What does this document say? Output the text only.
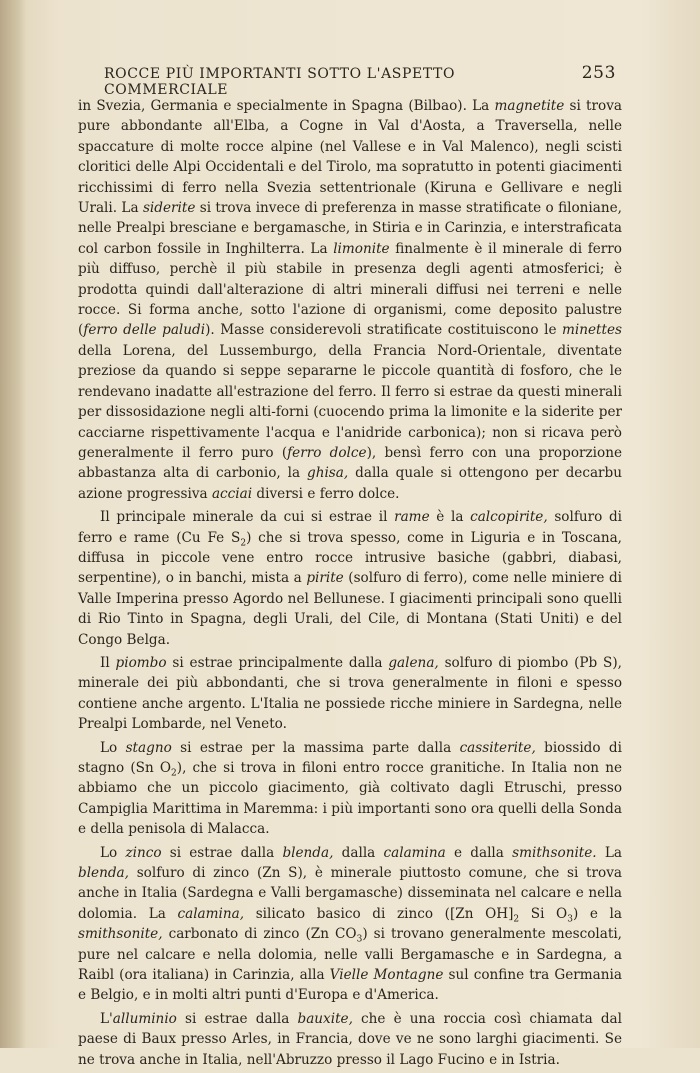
ROCCE PIÙ IMPORTANTI SOTTO L'ASPETTO COMMERCIALE
253

in Svezia, Germania e specialmente in Spagna (Bilbao). La magnetite si trova pure abbondante all'Elba, a Cogne in Val d'Aosta, a Traversella, nelle spaccature di molte rocce alpine (nel Vallese e in Val Malenco), negli scisti cloritici delle Alpi Occidentali e del Tirolo, ma sopratutto in potenti giacimenti ricchissimi di ferro nella Svezia settentrionale (Kiruna e Gellivare e negli Urali. La siderite si trova invece di preferenza in masse stratificate o filoniane, nelle Prealpi bresciane e bergamasche, in Stiria e in Carinzia, e interstraficata col carbon fossile in Inghilterra. La limonite finalmente è il minerale di ferro più diffuso, perchè il più stabile in presenza degli agenti atmosferici; è prodotta quindi dall'alterazione di altri minerali diffusi nei terreni e nelle rocce. Si forma anche, sotto l'azione di organismi, come deposito palustre (ferro delle paludi). Masse considerevoli stratificate costituiscono le minettes della Lorena, del Lussemburgo, della Francia Nord-Orientale, diventate preziose da quando si seppe separarne le piccole quantità di fosforo, che le rendevano inadatte all'estrazione del ferro. Il ferro si estrae da questi minerali per dissosidazione negli alti-forni (cuocendo prima la limonite e la siderite per cacciarne rispettivamente l'acqua e l'anidride carbonica); non si ricava però generalmente il ferro puro (ferro dolce), bensì ferro con una proporzione abbastanza alta di carbonio, la ghisa, dalla quale si ottengono per decarbu azione progressiva acciai diversi e ferro dolce.

Il principale minerale da cui si estrae il rame è la calcopirite, solfuro di ferro e rame (Cu Fe $S_2$) che si trova spesso, come in Liguria e in Toscana, diffusa in piccole vene entro rocce intrusive basiche (gabbri, diabasi, serpentine), o in banchi, mista a pirite (solfuro di ferro), come nelle miniere di Valle Imperina presso Agordo nel Bellunese. I giacimenti principali sono quelli di Rio Tinto in Spagna, degli Urali, del Cile, di Montana (Stati Uniti) e del Congo Belga.

Il piombo si estrae principalmente dalla galena, solfuro di piombo (Pb S), minerale dei più abbondanti, che si trova generalmente in filoni e spesso contiene anche argento. L'Italia ne possiede ricche miniere in Sardegna, nelle Prealpi Lombarde, nel Veneto.

Lo stagno si estrae per la massima parte dalla cassiterite, biossido di stagno (Sn $O_2$), che si trova in filoni entro rocce granitiche. In Italia non ne abbiamo che un piccolo giacimento, già coltivato dagli Etruschi, presso Campiglia Marittima in Maremma: i più importanti sono ora quelli della Sonda e della penisola di Malacca.

Lo zinco si estrae dalla blenda, dalla calamina e dalla smithsonite. La blenda, solfuro di zinco (Zn S), è minerale piuttosto comune, che si trova anche in Italia (Sardegna e Valli bergamasche) disseminata nel calcare e nella dolomia. La calamina, silicato basico di zinco ([Zn $OH]_2$ Si $O_3$) e la smithsonite, carbonato di zinco (Zn $CO_3$) si trovano generalmente mescolati, pure nel calcare e nella dolomia, nelle valli Bergamasche e in Sardegna, a Raibl (ora italiana) in Carinzia, alla Vielle Montagne sul confine tra Germania e Belgio, e in molti altri punti d'Europa e d'America.

L'alluminio si estrae dalla bauxite, che è una roccia così chiamata dal paese di Baux presso Arles, in Francia, dove ve ne sono larghi giacimenti. Se ne trova anche in Italia, nell'Abruzzo presso il Lago Fucino e in Istria.
